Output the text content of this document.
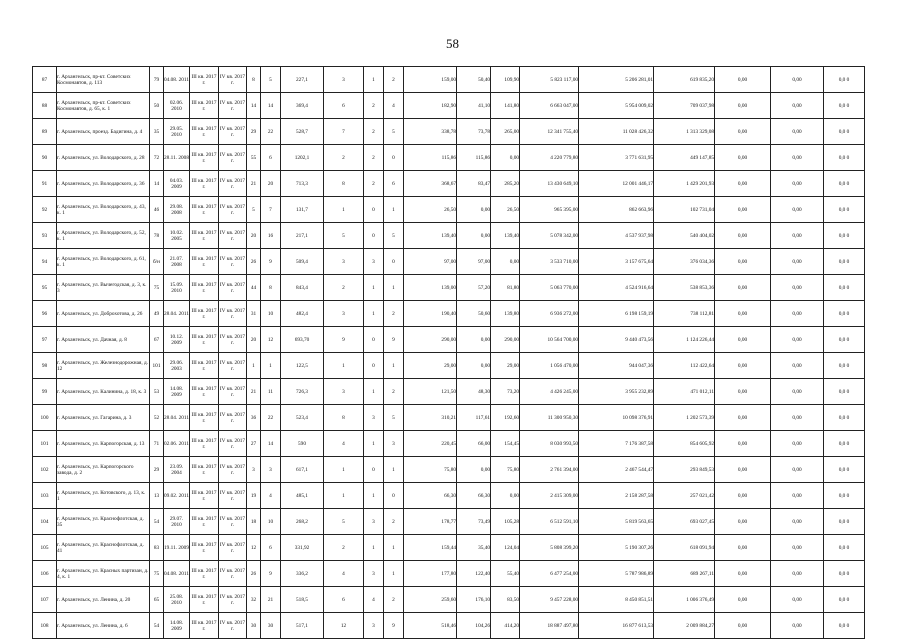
58
87	г. Архангельск, пр-кт. Советских Космонавтов, д. 113	79	04.08. 2011	III кв. 2017 г.	IV кв. 2017 г.	8	5	227,1	3	1	2	159,00	50,40	109,90	5 823 117,00	5 206 281,01	619 835,20	0,00	0,00	0,0 0
88	г. Архангельск, пр-кт. Советских Космонавтов, д. 65, к. 1	50	02.06. 2010	III кв. 2017 г.	IV кв. 2017 г.	14	14	369,4	6	2	4	182,90	41,10	141,80	6 663 047,00	5 954 009,02	709 037,98	0,00	0,00	0,0 0
89	г. Архангельск, проезд. Бадигина, д. 4	35	29.05. 2010	III кв. 2017 г.	IV кв. 2017 г.	29	22	528,7	7	2	5	338,78	73,78	265,00	12 341 755,40	11 028 426,32	1 313 329,08	0,00	0,00	0,0 0
90	г. Архангельск, ул. Володарского, д. 28	72	28.11. 2008	III кв. 2017 г.	IV кв. 2017 г.	55	6	1202,1	2	2	0	115,86	115,86	0,00	4 220 779,80	3 771 631,95	449 147,85	0,00	0,00	0,0 0
91	г. Архангельск, ул. Володарского, д. 36	14	04.03. 2009	III кв. 2017 г.	IV кв. 2017 г.	21	20	713,3	8	2	6	368,67	83,47	285,20	13 430 649,10	12 001 446,17	1 429 201,93	0,00	0,00	0,0 0
92	г. Архангельск, ул. Володарского, д. 43, к. 1	46	29.08. 2008	III кв. 2017 г.	IV кв. 2017 г.	5	7	131,7	1	0	1	26,50	0,00	26,50	965 395,00	862 663,96	102 731,04	0,00	0,00	0,0 0
93	г. Архангельск, ул. Володарского, д. 52, к. 1	78	10.02. 2005	III кв. 2017 г.	IV кв. 2017 г.	20	16	217,1	5	0	5	139,40	0,00	139,40	5 078 342,00	4 537 937,98	540 404,02	0,00	0,00	0,0 0
94	г. Архангельск, ул. Володарского, д. 61, к. 1	б/н	21.07. 2008	III кв. 2017 г.	IV кв. 2017 г.	26	9	509,4	3	3	0	97,00	97,00	0,00	3 533 710,00	3 157 675,64	376 034,36	0,00	0,00	0,0 0
95	г. Архангельск, ул. Вычегодская, д. 3, к. 3	75	15.09. 2010	III кв. 2017 г.	IV кв. 2017 г.	44	8	843,4	2	1	1	139,00	57,20	81,80	5 063 770,00	4 524 916,64	538 853,36	0,00	0,00	0,0 0
96	г. Архангельск, ул. Доброхотова, д. 26	49	28.04. 2011	III кв. 2017 г.	IV кв. 2017 г.	31	10	482,4	3	1	2	190,40	50,60	139,80	6 936 272,00	6 198 159,19	738 112,81	0,00	0,00	0,0 0
97	г. Архангельск, ул. Дачная, д. 8	67	10.12. 2009	III кв. 2017 г.	IV кв. 2017 г.	20	12	693,70	9	0	9	290,00	0,00	290,00	10 564 700,00	9 440 473,56	1 124 226,44	0,00	0,00	0,0 0
98	г. Архангельск, ул. Железнодорожная, д. 12	101	29.06. 2003	III кв. 2017 г.	IV кв. 2017 г.	1	1	122,5	1	0	1	29,00	0,00	29,00	1 056 470,00	944 047,36	112 422,64	0,00	0,00	0,0 0
99	г. Архангельск, ул. Калинина, д. 18, к. 3	53	14.08. 2009	III кв. 2017 г.	IV кв. 2017 г.	21	11	726,3	3	1	2	121,50	48,30	73,20	4 426 245,00	3 955 232,89	471 012,11	0,00	0,00	0,0 0
100	г. Архангельск, ул. Гагарина, д. 3	52	28.04. 2011	III кв. 2017 г.	IV кв. 2017 г.	36	22	523,4	8	3	5	310,21	117,61	192,60	11 300 950,30	10 098 376,91	1 202 573,39	0,00	0,00	0,0 0
101	г. Архангельск, ул. Карпогорская, д. 13	71	02.06. 2011	III кв. 2017 г.	IV кв. 2017 г.	27	14	590	4	1	3	220,45	66,00	154,45	8 030 993,50	7 176 387,58	854 605,92	0,00	0,00	0,0 0
102	г. Архангельск, ул. Карпогорского завода, д. 2	29	23.09. 2004	III кв. 2017 г.	IV кв. 2017 г.	3	3	617,1	1	0	1	75,80	0,00	75,80	2 761 394,00	2 467 544,47	293 849,53	0,00	0,00	0,0 0
103	г. Архангельск, ул. Котовского, д. 13, к. 1	13	09.02. 2011	III кв. 2017 г.	IV кв. 2017 г.	19	4	485,1	1	1	0	66,30	66,30	0,00	2 415 309,00	2 158 287,58	257 021,42	0,00	0,00	0,0 0
104	г. Архангельск, ул. Краснофлотская, д. 35	54	29.07. 2010	III кв. 2017 г.	IV кв. 2017 г.	18	10	268,2	5	3	2	178,77	73,49	105,28	6 512 591,10	5 819 563,65	693 027,45	0,00	0,00	0,0 0
105	г. Архангельск, ул. Краснофлотская, д. 41	83	19.11. 2009	III кв. 2017 г.	IV кв. 2017 г.	12	6	331,92	2	1	1	159,44	35,40	124,04	5 808 399,20	5 190 307,26	618 091,94	0,00	0,00	0,0 0
106	г. Архангельск, ул. Красных партизан, д. 4, к. 1	75	04.08. 2011	III кв. 2017 г.	IV кв. 2017 г.	26	9	336,2	4	3	1	177,80	122,40	55,40	6 477 254,00	5 787 986,89	689 267,11	0,00	0,00	0,0 0
107	г. Архангельск, ул. Ленина, д. 20	65	25.08. 2010	III кв. 2017 г.	IV кв. 2017 г.	32	21	518,5	6	4	2	259,60	176,10	83,50	9 457 228,00	8 450 851,51	1 006 376,49	0,00	0,00	0,0 0
108	г. Архангельск, ул. Ленина, д. 6	54	14.08. 2009	III кв. 2017 г.	IV кв. 2017 г.	30	30	517,1	12	3	9	518,46	104,26	414,20	18 887 497,80	16 877 613,53	2 009 884,27	0,00	0,00	0,0 0
